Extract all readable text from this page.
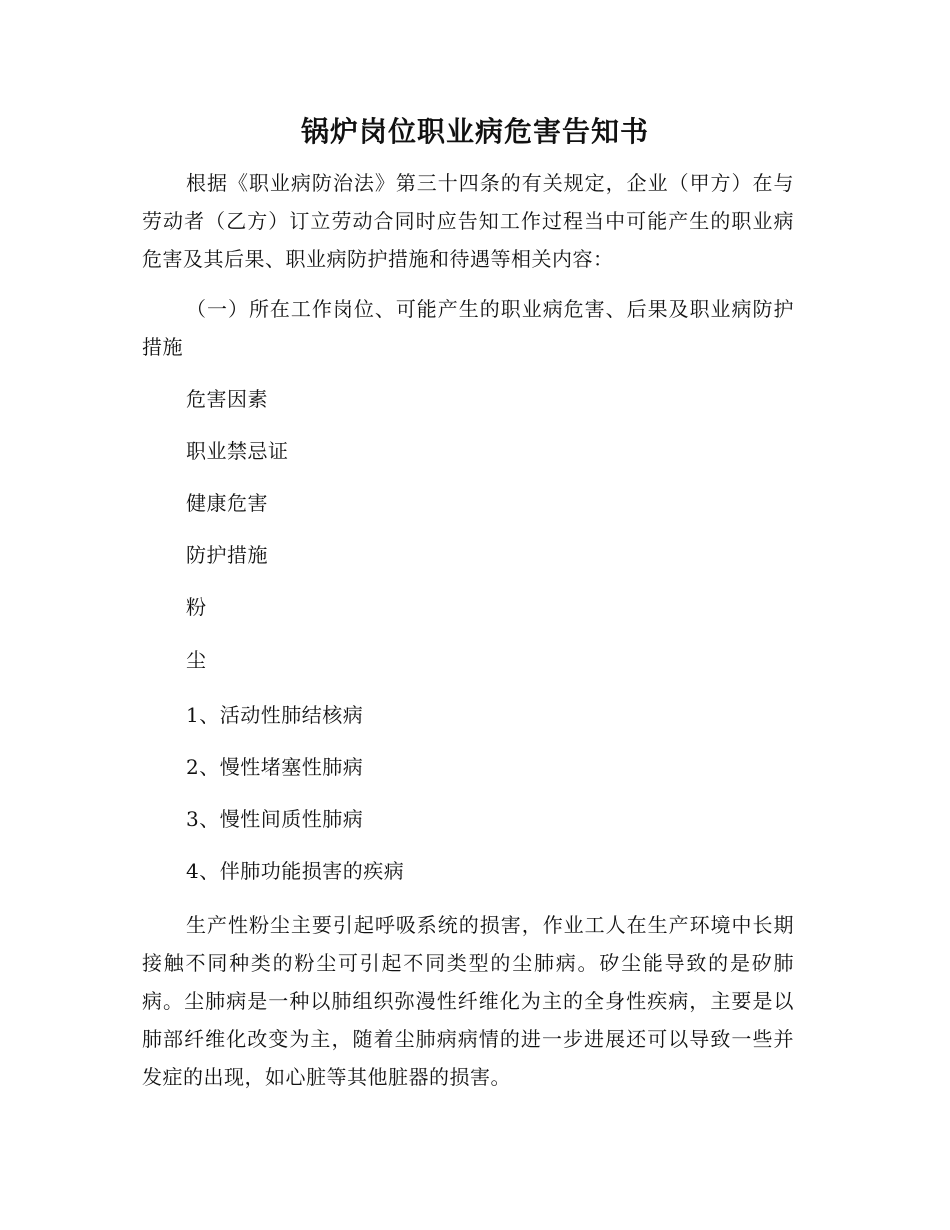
锅炉岗位职业病危害告知书
根据《职业病防治法》第三十四条的有关规定，企业（甲方）在与劳动者（乙方）订立劳动合同时应告知工作过程当中可能产生的职业病危害及其后果、职业病防护措施和待遇等相关内容：
（一）所在工作岗位、可能产生的职业病危害、后果及职业病防护措施
危害因素
职业禁忌证
健康危害
防护措施
粉
尘
1、活动性肺结核病
2、慢性堵塞性肺病
3、慢性间质性肺病
4、伴肺功能损害的疾病
生产性粉尘主要引起呼吸系统的损害，作业工人在生产环境中长期接触不同种类的粉尘可引起不同类型的尘肺病。矽尘能导致的是矽肺病。尘肺病是一种以肺组织弥漫性纤维化为主的全身性疾病，主要是以肺部纤维化改变为主，随着尘肺病病情的进一步进展还可以导致一些并发症的出现，如心脏等其他脏器的损害。
